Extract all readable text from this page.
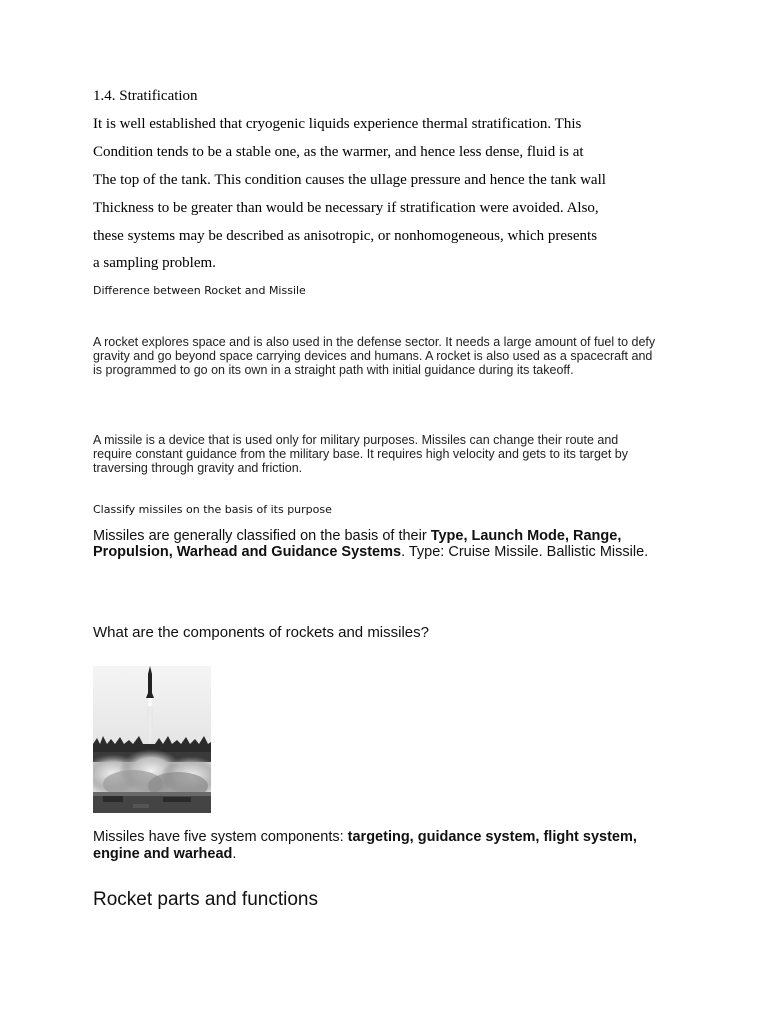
1.4. Stratification
It is well established that cryogenic liquids experience thermal stratification. This
Condition tends to be a stable one, as the warmer, and hence less dense, fluid is at
The top of the tank. This condition causes the ullage pressure and hence the tank wall
Thickness to be greater than would be necessary if stratification were avoided. Also,
these systems may be described as anisotropic, or nonhomogeneous, which presents
a sampling problem.
Difference between Rocket and Missile
A rocket explores space and is also used in the defense sector. It needs a large amount of fuel to defy
gravity and go beyond space carrying devices and humans. A rocket is also used as a spacecraft and
is programmed to go on its own in a straight path with initial guidance during its takeoff.
A missile is a device that is used only for military purposes. Missiles can change their route and
require constant guidance from the military base. It requires high velocity and gets to its target by
traversing through gravity and friction.
Classify missiles on the basis of its purpose
Missiles are generally classified on the basis of their Type, Launch Mode, Range,
Propulsion, Warhead and Guidance Systems. Type: Cruise Missile. Ballistic Missile.
What are the components of rockets and missiles?
Missiles have five system components: targeting, guidance system, flight system,
engine and warhead.
Rocket parts and functions
